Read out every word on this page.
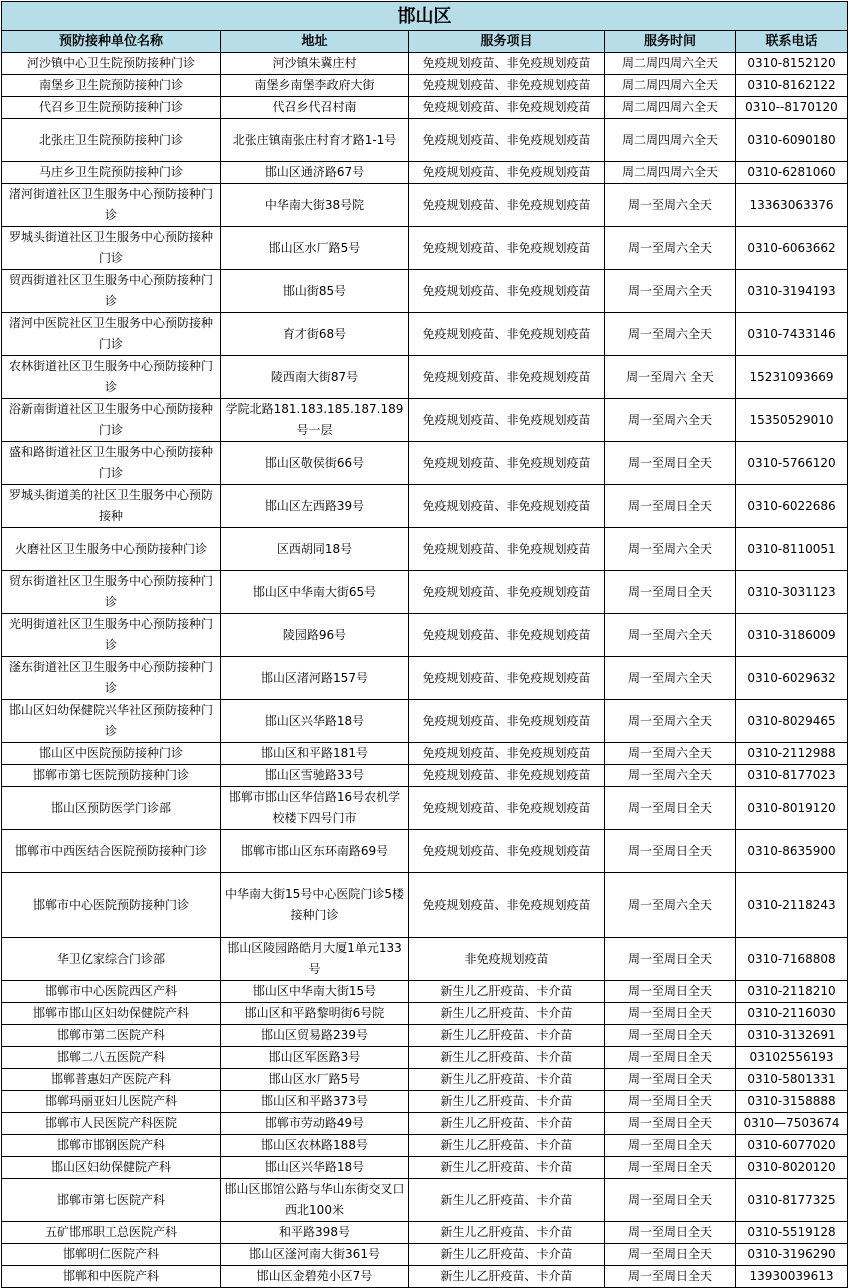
邯山区				
预防接种单位名称	地址	服务项目	服务时间	联系电话
河沙镇中心卫生院预防接种门诊	河沙镇朱冀庄村	免疫规划疫苗、非免疫规划疫苗	周二周四周六全天	0310-8152120
南堡乡卫生院预防接种门诊	南堡乡南堡李政府大街	免疫规划疫苗、非免疫规划疫苗	周二周四周六全天	0310-8162122
代召乡卫生院预防接种门诊	代召乡代召村南	免疫规划疫苗、非免疫规划疫苗	周二周四周六全天	0310--8170120
北张庄卫生院预防接种门诊	北张庄镇南张庄村育才路1-1号	免疫规划疫苗、非免疫规划疫苗	周二周四周六全天	0310-6090180
马庄乡卫生院预防接种门诊	邯山区通济路67号	免疫规划疫苗、非免疫规划疫苗	周二周四周六全天	0310-6281060
渚河街道社区卫生服务中心预防接种门诊	中华南大街38号院	免疫规划疫苗、非免疫规划疫苗	周一至周六全天	13363063376
罗城头街道社区卫生服务中心预防接种门诊	邯山区水厂路5号	免疫规划疫苗、非免疫规划疫苗	周一至周六全天	0310-6063662
贸西街道社区卫生服务中心预防接种门诊	邯山街85号	免疫规划疫苗、非免疫规划疫苗	周一至周六全天	0310-3194193
渚河中医院社区卫生服务中心预防接种门诊	育才街68号	免疫规划疫苗、非免疫规划疫苗	周一至周六全天	0310-7433146
农林街道社区卫生服务中心预防接种门诊	陵西南大街87号	免疫规划疫苗、非免疫规划疫苗	周一至周六 全天	15231093669
浴新南街道社区卫生服务中心预防接种门诊	学院北路181.183.185.187.189号一层	免疫规划疫苗、非免疫规划疫苗	周一至周六全天	15350529010
盛和路街道社区卫生服务中心预防接种门诊	邯山区敬侯街66号	免疫规划疫苗、非免疫规划疫苗	周一至周日全天	0310-5766120
罗城头街道美的社区卫生服务中心预防接种	邯山区左西路39号	免疫规划疫苗、非免疫规划疫苗	周一至周日全天	0310-6022686
火磨社区卫生服务中心预防接种门诊	区西胡同18号	免疫规划疫苗、非免疫规划疫苗	周一至周六全天	0310-8110051
贸东街道社区卫生服务中心预防接种门诊	邯山区中华南大街65号	免疫规划疫苗、非免疫规划疫苗	周一至周日全天	0310-3031123
光明街道社区卫生服务中心预防接种门诊	陵园路96号	免疫规划疫苗、非免疫规划疫苗	周一至周六全天	0310-3186009
滏东街道社区卫生服务中心预防接种门诊	邯山区渚河路157号	免疫规划疫苗、非免疫规划疫苗	周一至周六全天	0310-6029632
邯山区妇幼保健院兴华社区预防接种门诊	邯山区兴华路18号	免疫规划疫苗、非免疫规划疫苗	周一至周六全天	0310-8029465
邯山区中医院预防接种门诊	邯山区和平路181号	免疫规划疫苗、非免疫规划疫苗	周一至周六全天	0310-2112988
邯郸市第七医院预防接种门诊	邯山区雪驰路33号	免疫规划疫苗、非免疫规划疫苗	周一至周六全天	0310-8177023
邯山区预防医学门诊部	邯郸市邯山区华信路16号农机学校楼下四号门市	免疫规划疫苗、非免疫规划疫苗	周一至周日全天	0310-8019120
邯郸市中西医结合医院预防接种门诊	邯郸市邯山区东环南路69号	免疫规划疫苗、非免疫规划疫苗	周一至周日全天	0310-8635900
邯郸市中心医院预防接种门诊	中华南大街15号中心医院门诊5楼接种门诊	免疫规划疫苗、非免疫规划疫苗	周一至周六全天	0310-2118243
华卫亿家综合门诊部	邯山区陵园路皓月大厦1单元133号	非免疫规划疫苗	周一至周日全天	0310-7168808
邯郸市中心医院西区产科	邯山区中华南大街15号	新生儿乙肝疫苗、卡介苗	周一至周日全天	0310-2118210
邯郸市邯山区妇幼保健院产科	邯山区和平路黎明街6号院	新生儿乙肝疫苗、卡介苗	周一至周日全天	0310-2116030
邯郸市第二医院产科	邯山区贸易路239号	新生儿乙肝疫苗、卡介苗	周一至周日全天	0310-3132691
邯郸二八五医院产科	邯山区军医路3号	新生儿乙肝疫苗、卡介苗	周一至周日全天	03102556193
邯郸普惠妇产医院产科	邯山区水厂路5号	新生儿乙肝疫苗、卡介苗	周一至周日全天	0310-5801331
邯郸玛丽亚妇儿医院产科	邯山区和平路373号	新生儿乙肝疫苗、卡介苗	周一至周日全天	0310-3158888
邯郸市人民医院产科医院	邯郸市劳动路49号	新生儿乙肝疫苗、卡介苗	周一至周日全天	0310—7503674
邯郸市邯钢医院产科	邯山区农林路188号	新生儿乙肝疫苗、卡介苗	周一至周日全天	0310-6077020
邯山区妇幼保健院产科	邯山区兴华路18号	新生儿乙肝疫苗、卡介苗	周一至周日全天	0310-8020120
邯郸市第七医院产科	邯山区邯馆公路与华山东街交叉口西北100米	新生儿乙肝疫苗、卡介苗	周一至周日全天	0310-8177325
五矿邯邢职工总医院产科	和平路398号	新生儿乙肝疫苗、卡介苗	周一至周日全天	0310-5519128
邯郸明仁医院产科	邯山区滏河南大街361号	新生儿乙肝疫苗、卡介苗	周一至周日全天	0310-3196290
邯郸和中医院产科	邯山区金碧苑小区7号	新生儿乙肝疫苗、卡介苗	周一至周日全天	13930039613
